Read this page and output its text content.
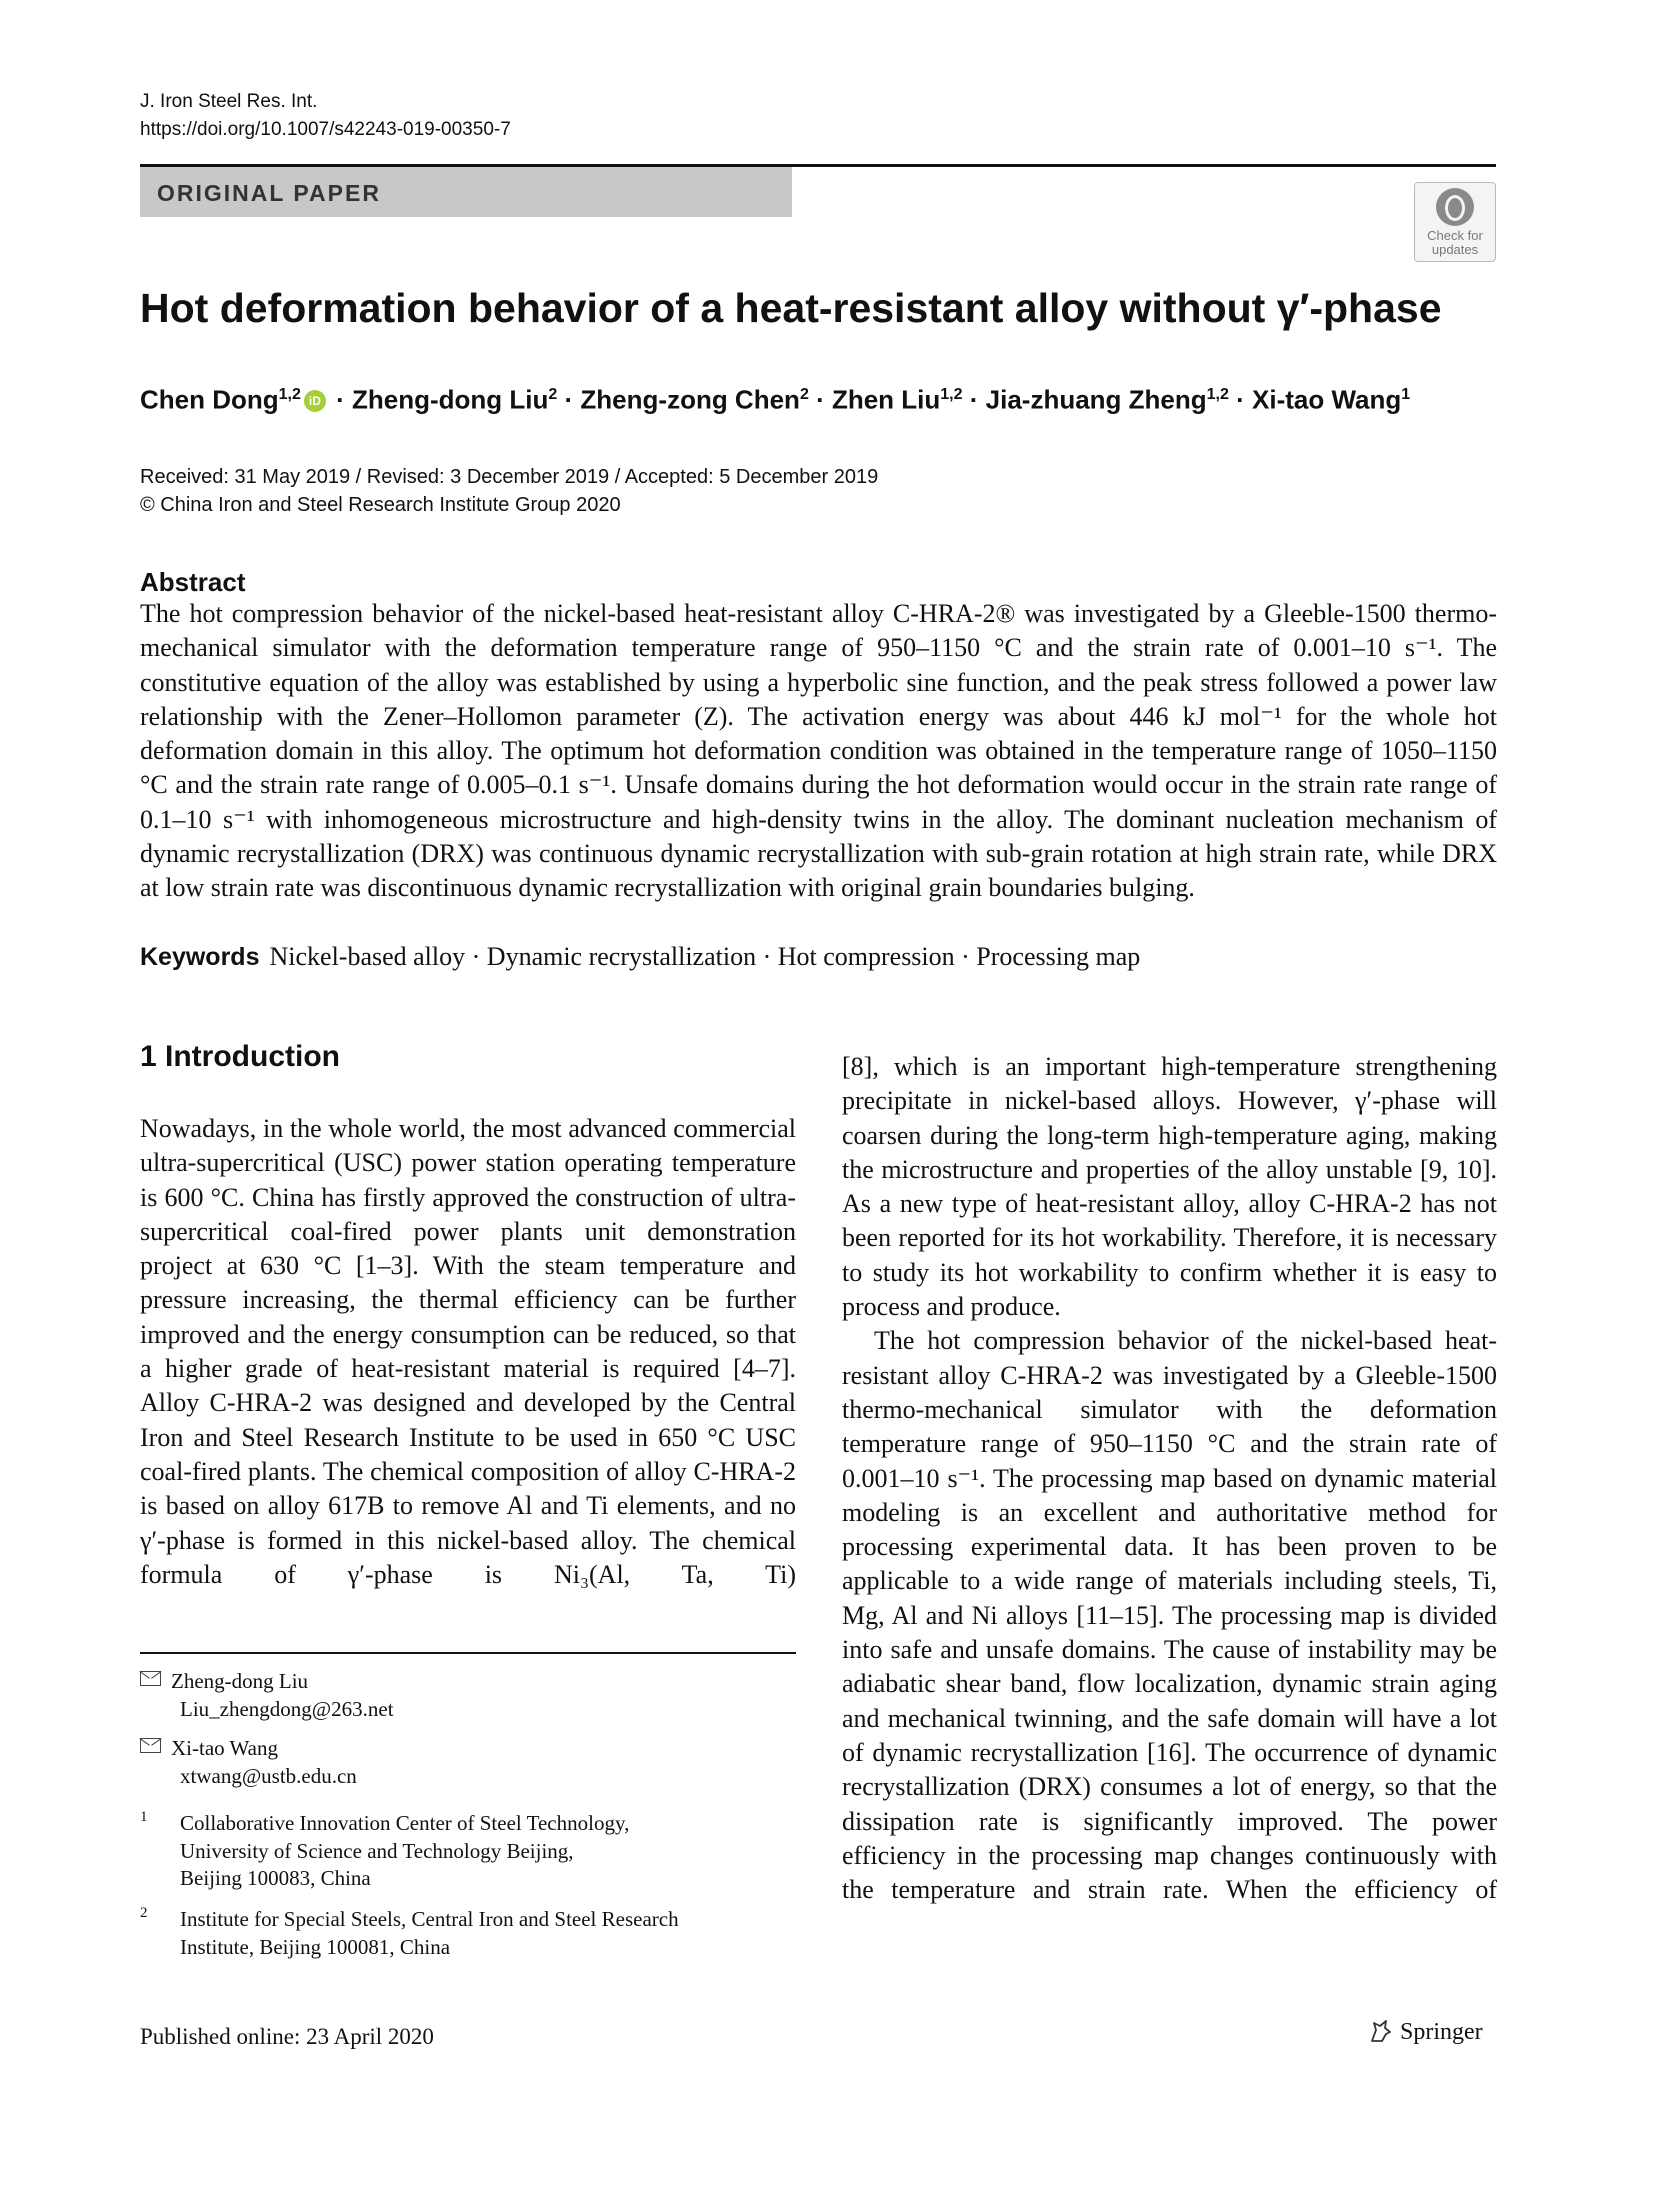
J. Iron Steel Res. Int.
https://doi.org/10.1007/s42243-019-00350-7
ORIGINAL PAPER
Check for updates
Hot deformation behavior of a heat-resistant alloy without γ′-phase
Chen Dong$^{1,2}$ iD · Zheng-dong Liu$^2$ · Zheng-zong Chen$^2$ · Zhen Liu$^{1,2}$ · Jia-zhuang Zheng$^{1,2}$ · Xi-tao Wang$^1$
Received: 31 May 2019 / Revised: 3 December 2019 / Accepted: 5 December 2019
© China Iron and Steel Research Institute Group 2020
Abstract
The hot compression behavior of the nickel-based heat-resistant alloy C-HRA-2® was investigated by a Gleeble-1500 thermo-mechanical simulator with the deformation temperature range of 950–1150 °C and the strain rate of 0.001–10 s⁻¹. The constitutive equation of the alloy was established by using a hyperbolic sine function, and the peak stress followed a power law relationship with the Zener–Hollomon parameter (Z). The activation energy was about 446 kJ mol⁻¹ for the whole hot deformation domain in this alloy. The optimum hot deformation condition was obtained in the temperature range of 1050–1150 °C and the strain rate range of 0.005–0.1 s⁻¹. Unsafe domains during the hot deformation would occur in the strain rate range of 0.1–10 s⁻¹ with inhomogeneous microstructure and high-density twins in the alloy. The dominant nucleation mechanism of dynamic recrystallization (DRX) was continuous dynamic recrystallization with sub-grain rotation at high strain rate, while DRX at low strain rate was discontinuous dynamic recrystallization with original grain boundaries bulging.
Keywords Nickel-based alloy · Dynamic recrystallization · Hot compression · Processing map
1 Introduction
Nowadays, in the whole world, the most advanced commercial ultra-supercritical (USC) power station operating temperature is 600 °C. China has firstly approved the construction of ultra-supercritical coal-fired power plants unit demonstration project at 630 °C [1–3]. With the steam temperature and pressure increasing, the thermal efficiency can be further improved and the energy consumption can be reduced, so that a higher grade of heat-resistant material is required [4–7]. Alloy C-HRA-2 was designed and developed by the Central Iron and Steel Research Institute to be used in 650 °C USC coal-fired plants. The chemical composition of alloy C-HRA-2 is based on alloy 617B to remove Al and Ti elements, and no γ′-phase is formed in this nickel-based alloy. The chemical formula of γ′-phase is Ni₃(Al, Ta, Ti)
[8], which is an important high-temperature strengthening precipitate in nickel-based alloys. However, γ′-phase will coarsen during the long-term high-temperature aging, making the microstructure and properties of the alloy unstable [9, 10]. As a new type of heat-resistant alloy, alloy C-HRA-2 has not been reported for its hot workability. Therefore, it is necessary to study its hot workability to confirm whether it is easy to process and produce.
The hot compression behavior of the nickel-based heat-resistant alloy C-HRA-2 was investigated by a Gleeble-1500 thermo-mechanical simulator with the deformation temperature range of 950–1150 °C and the strain rate of 0.001–10 s⁻¹. The processing map based on dynamic material modeling is an excellent and authoritative method for processing experimental data. It has been proven to be applicable to a wide range of materials including steels, Ti, Mg, Al and Ni alloys [11–15]. The processing map is divided into safe and unsafe domains. The cause of instability may be adiabatic shear band, flow localization, dynamic strain aging and mechanical twinning, and the safe domain will have a lot of dynamic recrystallization [16]. The occurrence of dynamic recrystallization (DRX) consumes a lot of energy, so that the dissipation rate is significantly improved. The power efficiency in the processing map changes continuously with the temperature and strain rate. When the efficiency of
Zheng-dong Liu
Liu_zhengdong@263.net
Xi-tao Wang
xtwang@ustb.edu.cn
1 Collaborative Innovation Center of Steel Technology,
University of Science and Technology Beijing,
Beijing 100083, China
2 Institute for Special Steels, Central Iron and Steel Research
Institute, Beijing 100081, China
Published online: 23 April 2020	Springer
